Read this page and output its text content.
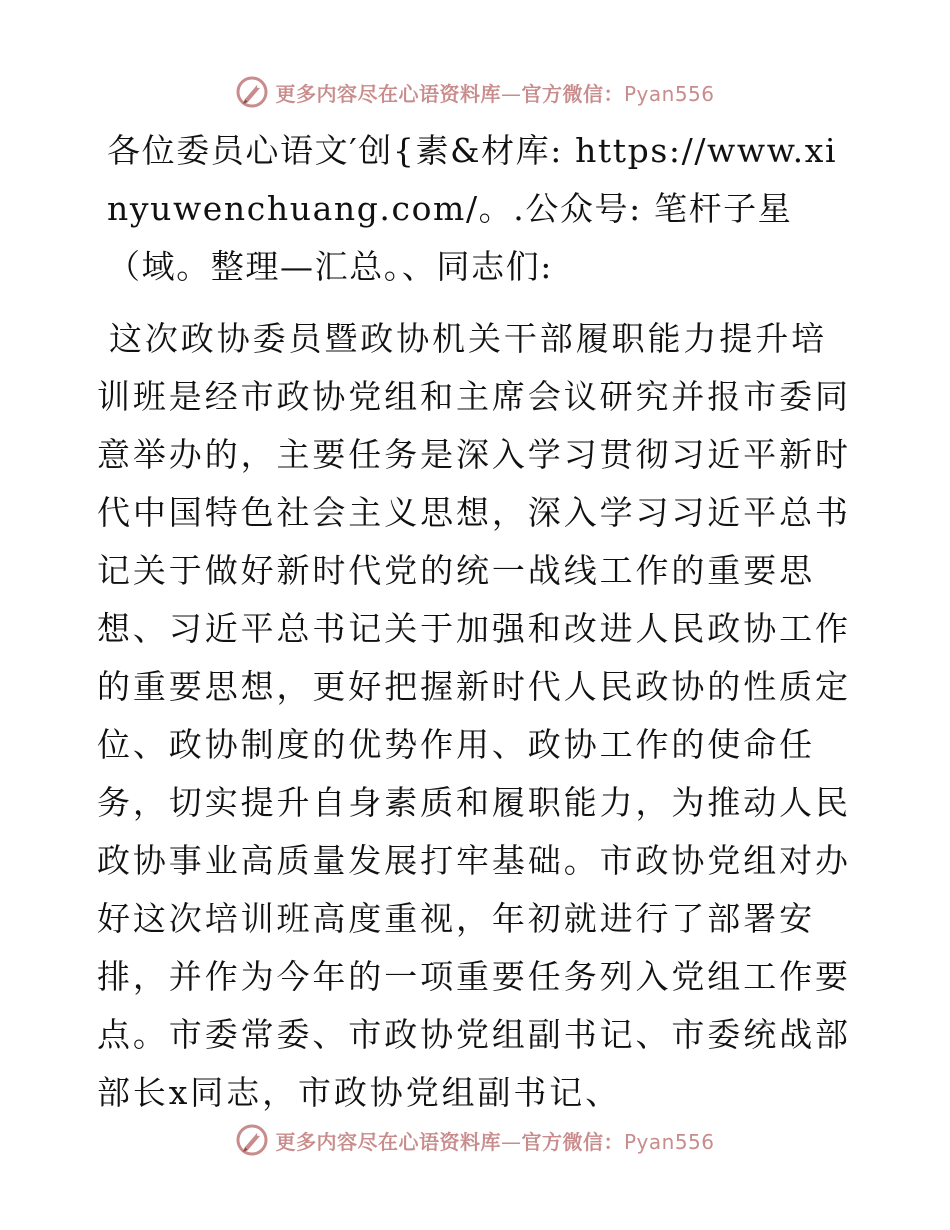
更多内容尽在心语资料库—官方微信：Pyan556

各位委员心语文′创{素&材库: https://www.xinyuwenchuang.com/。.公众号: 笔杆子星（域。整理—汇总。、同志们:

这次政协委员暨政协机关干部履职能力提升培训班是经市政协党组和主席会议研究并报市委同意举办的，主要任务是深入学习贯彻习近平新时代中国特色社会主义思想，深入学习习近平总书记关于做好新时代党的统一战线工作的重要思想、习近平总书记关于加强和改进人民政协工作的重要思想，更好把握新时代人民政协的性质定位、政协制度的优势作用、政协工作的使命任务，切实提升自身素质和履职能力，为推动人民政协事业高质量发展打牢基础。市政协党组对办好这次培训班高度重视，年初就进行了部署安排，并作为今年的一项重要任务列入党组工作要点。市委常委、市政协党组副书记、市委统战部部长x同志，市政协党组副书记、

更多内容尽在心语资料库—官方微信：Pyan556
